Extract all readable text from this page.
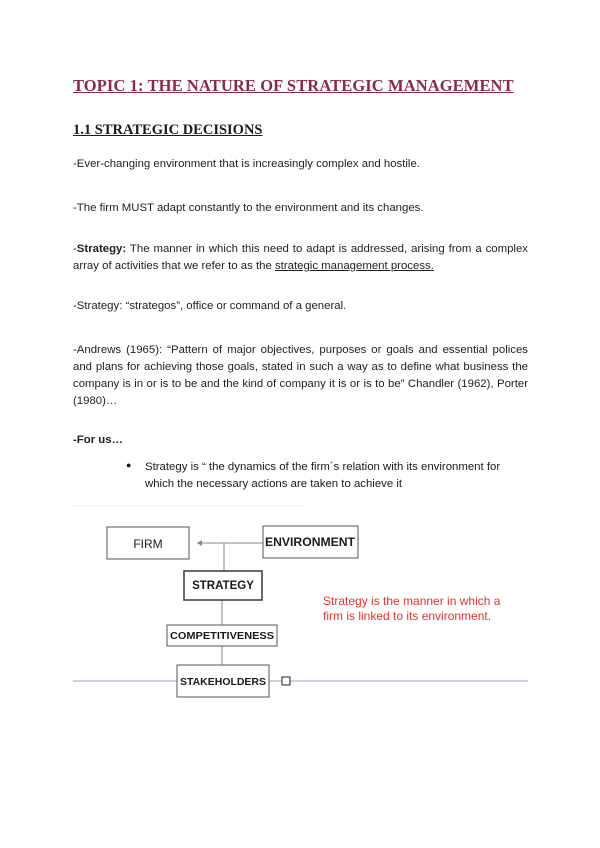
TOPIC 1: THE NATURE OF STRATEGIC MANAGEMENT
1.1 STRATEGIC DECISIONS

-Ever-changing environment that is increasingly complex and hostile.

-The firm MUST adapt constantly to the environment and its changes.

-Strategy: The manner in which this need to adapt is addressed, arising from a complex array of activities that we refer to as the strategic management process.

-Strategy: “strategos”, office or command of a general.

-Andrews (1965): “Pattern of major objectives, purposes or goals and essential polices and plans for achieving those goals, stated in such a way as to define what business the company is in or is to be and the kind of company it is or is to be” Chandler (1962), Porter (1980)…

-For us…

● Strategy is “ the dynamics of the firm´s relation with its environment for which the necessary actions are taken to achieve it

FIRM	ENVIRONMENT
STRATEGY
COMPETITIVENESS
STAKEHOLDERS
Strategy is the manner in which a
firm is linked to its environment.
